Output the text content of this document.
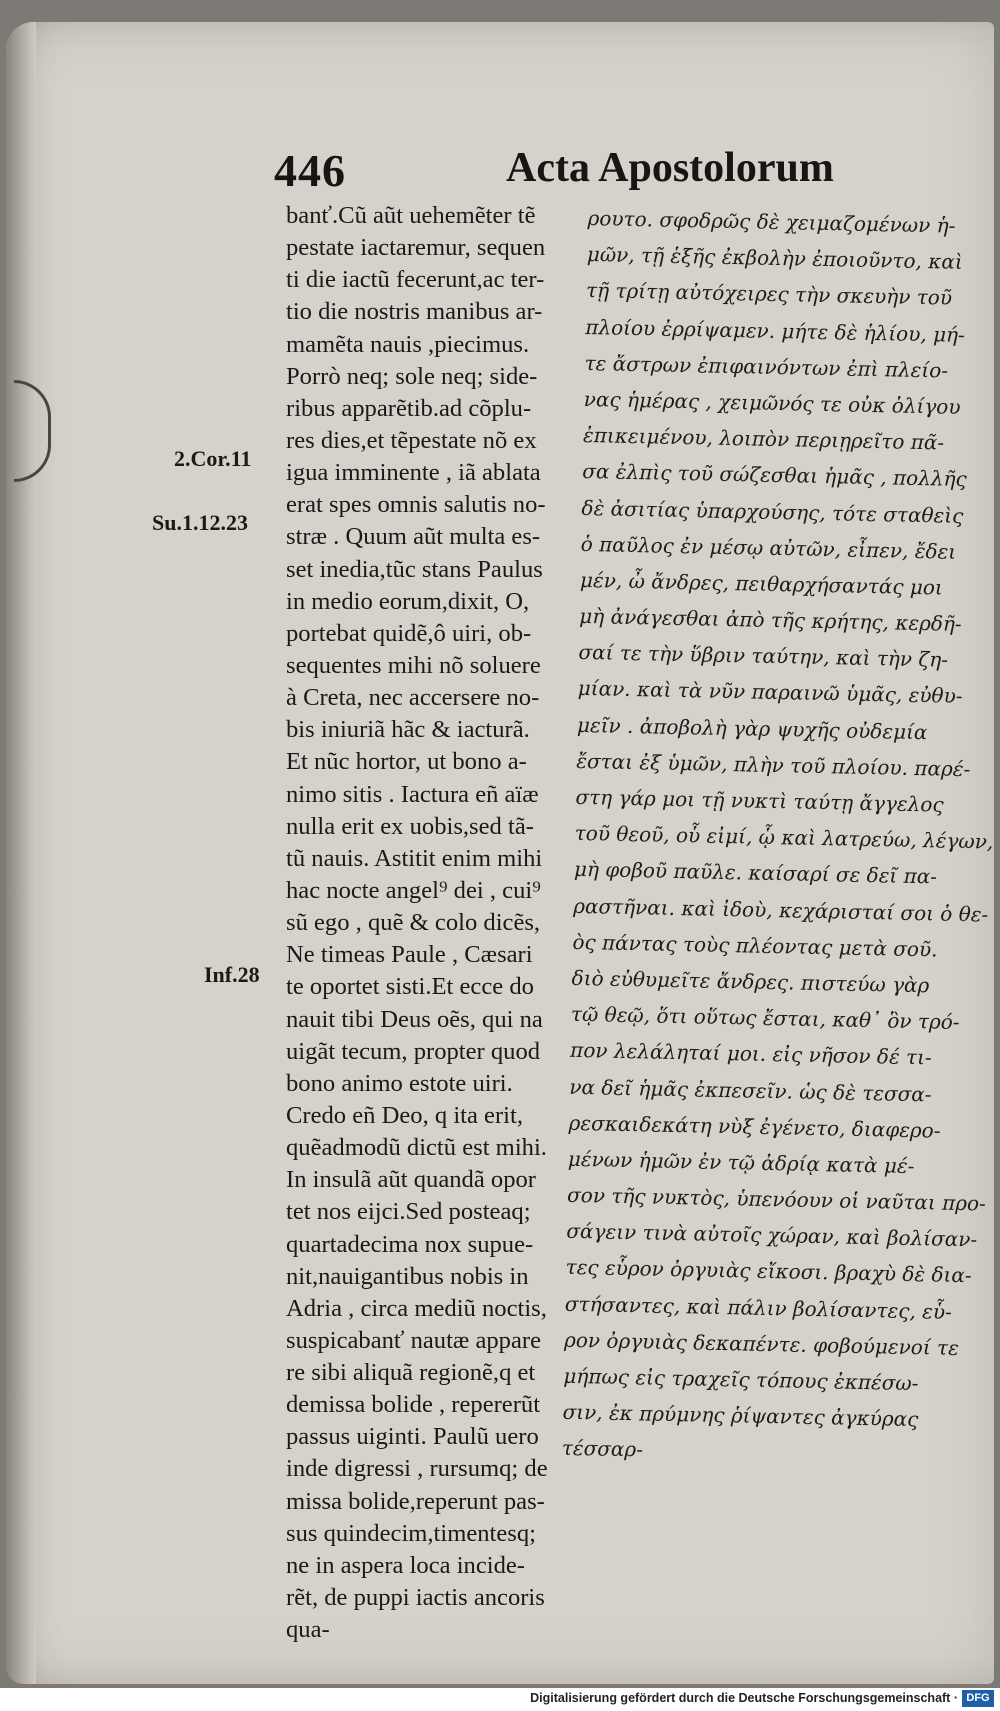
446	Acta Apostolorum
banť.Cũ aũt uehemẽter tẽ
pestate iactaremur, sequen
ti die iactũ fecerunt,ac ter-
tio die nostris manibus ar-
mamẽta nauis ,piecimus.
Porrò neq; sole neq; side-
ribus apparẽtib.ad cõplu-
res dies,et tẽpestate nõ ex
igua imminente , iã ablata
erat spes omnis salutis no-
stræ . Quum aũt multa es-
set inedia,tũc stans Paulus
in medio eorum,dixit, O,
portebat quidẽ,ô uiri, ob-
sequentes mihi nõ soluere
à Creta, nec accersere no-
bis iniuriã hãc & iacturã.
Et nũc hortor, ut bono a-
nimo sitis . Iactura eñ aïæ
nulla erit ex uobis,sed tã-
tũ nauis. Astitit enim mihi
hac nocte angel⁹ dei , cui⁹
sũ ego , quẽ & colo dicẽs,
Ne timeas Paule , Cæsari
te oportet sisti.Et ecce do
nauit tibi Deus oẽs, qui na
uigãt tecum, propter quod
bono animo estote uiri.
Credo eñ Deo, q ita erit,
quẽadmodũ dictũ est mihi.
In insulã aũt quandã opor
tet nos eijci.Sed posteaq;
quartadecima nox supue-
nit,nauigantibus nobis in
Adria , circa mediũ noctis,
suspicabanť nautæ appare
re sibi aliquã regionẽ,q et
demissa bolide , repererũt
passus uiginti. Paulũ uero
inde digressi , rursumq; de
missa bolide,reperunt pas-
sus quindecim,timentesq;
ne in aspera loca incide-
rẽt, de puppi iactis ancoris
qua-
2.Cor.11
Su.1.12.23
Inf.28
ρουτο. σφοδρῶς δὲ χειμαζομένων ἡ-
μῶν, τῇ ἑξῆς ἐκβολὴν ἐποιοῦντο, καὶ
τῇ τρίτῃ αὐτόχειρες τὴν σκευὴν τοῦ
πλοίου ἐρρίψαμεν. μήτε δὲ ἡλίου, μή-
τε ἄστρων ἐπιφαινόντων ἐπὶ πλείο-
νας ἡμέρας , χειμῶνός τε οὐκ ὀλίγου
ἐπικειμένου, λοιπὸν περιῃρεῖτο πᾶ-
σα ἐλπὶς τοῦ σώζεσθαι ἡμᾶς , πολλῆς
δὲ ἀσιτίας ὑπαρχούσης, τότε σταθεὶς
ὁ παῦλος ἐν μέσῳ αὐτῶν, εἶπεν, ἔδει
μέν, ὦ ἄνδρες, πειθαρχήσαντάς μοι
μὴ ἀνάγεσθαι ἀπὸ τῆς κρήτης, κερδῆ-
σαί τε τὴν ὕβριν ταύτην, καὶ τὴν ζη-
μίαν. καὶ τὰ νῦν παραινῶ ὑμᾶς, εὐθυ-
μεῖν . ἀποβολὴ γὰρ ψυχῆς οὐδεμία
ἔσται ἐξ ὑμῶν, πλὴν τοῦ πλοίου. παρέ-
στη γάρ μοι τῇ νυκτὶ ταύτῃ ἄγγελος
τοῦ θεοῦ, οὗ εἰμί, ᾧ καὶ λατρεύω, λέγων,
μὴ φοβοῦ παῦλε. καίσαρί σε δεῖ πα-
ραστῆναι. καὶ ἰδοὺ, κεχάρισταί σοι ὁ θε-
ὸς πάντας τοὺς πλέοντας μετὰ σοῦ.
διὸ εὐθυμεῖτε ἄνδρες. πιστεύω γὰρ
τῷ θεῷ, ὅτι οὕτως ἔσται, καθ᾽ ὃν τρό-
πον λελάληταί μοι. εἰς νῆσον δέ τι-
να δεῖ ἡμᾶς ἐκπεσεῖν. ὡς δὲ τεσσα-
ρεσκαιδεκάτη νὺξ ἐγένετο, διαφερο-
μένων ἡμῶν ἐν τῷ ἀδρίᾳ κατὰ μέ-
σον τῆς νυκτὸς, ὑπενόουν οἱ ναῦται προ-
σάγειν τινὰ αὐτοῖς χώραν, καὶ βολίσαν-
τες εὗρον ὀργυιὰς εἴκοσι. βραχὺ δὲ δια-
στήσαντες, καὶ πάλιν βολίσαντες, εὗ-
ρον ὀργυιὰς δεκαπέντε. φοβούμενοί τε
μήπως εἰς τραχεῖς τόπους ἐκπέσω-
σιν, ἐκ πρύμνης ῥίψαντες ἀγκύρας
τέσσαρ-
Digitalisierung gefördert durch die Deutsche Forschungsgemeinschaft · DFG
